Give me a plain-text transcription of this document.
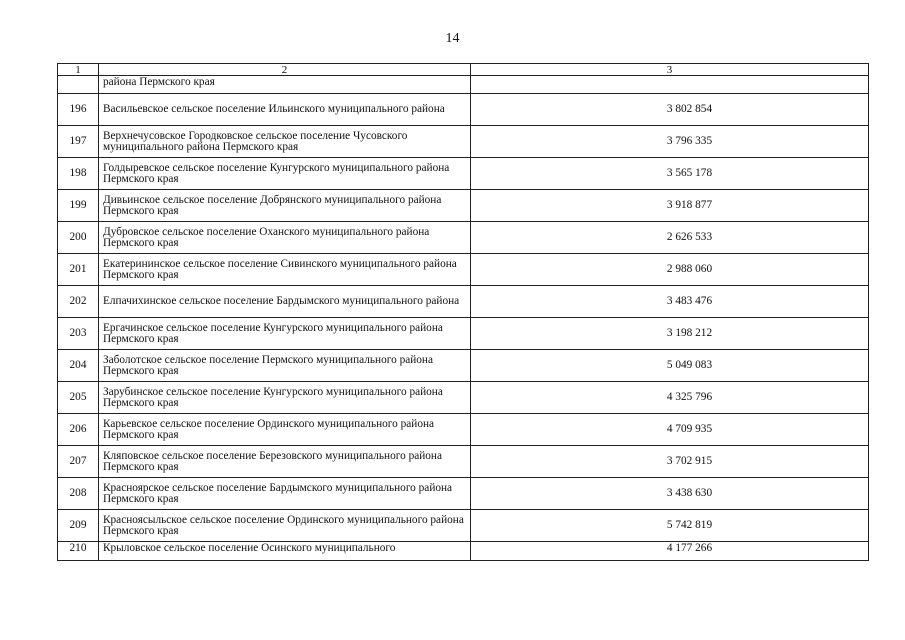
14
1	2	3
	района Пермского края	
196	Васильевское сельское поселение Ильинского муниципального района	3 802 854
197	Верхнечусовское Городковское сельское поселение Чусовского муниципального района Пермского края	3 796 335
198	Голдыревское сельское поселение Кунгурского муниципального района Пермского края	3 565 178
199	Дивьинское сельское поселение Добрянского муниципального района Пермского края	3 918 877
200	Дубровское сельское поселение Оханского муниципального района Пермского края	2 626 533
201	Екатерининское сельское поселение Сивинского муниципального района Пермского края	2 988 060
202	Елпачихинское сельское поселение Бардымского муниципального района	3 483 476
203	Ергачинское сельское поселение Кунгурского муниципального района Пермского края	3 198 212
204	Заболотское сельское поселение Пермского муниципального района Пермского края	5 049 083
205	Зарубинское сельское поселение Кунгурского муниципального района Пермского края	4 325 796
206	Карьевское сельское поселение Ординского муниципального района Пермского края	4 709 935
207	Кляповское сельское поселение Березовского муниципального района Пермского края	3 702 915
208	Красноярское сельское поселение Бардымского муниципального района Пермского края	3 438 630
209	Красноясыльское сельское поселение Ординского муниципального района Пермского края	5 742 819
210	Крыловское сельское поселение Осинского муниципального	4 177 266
